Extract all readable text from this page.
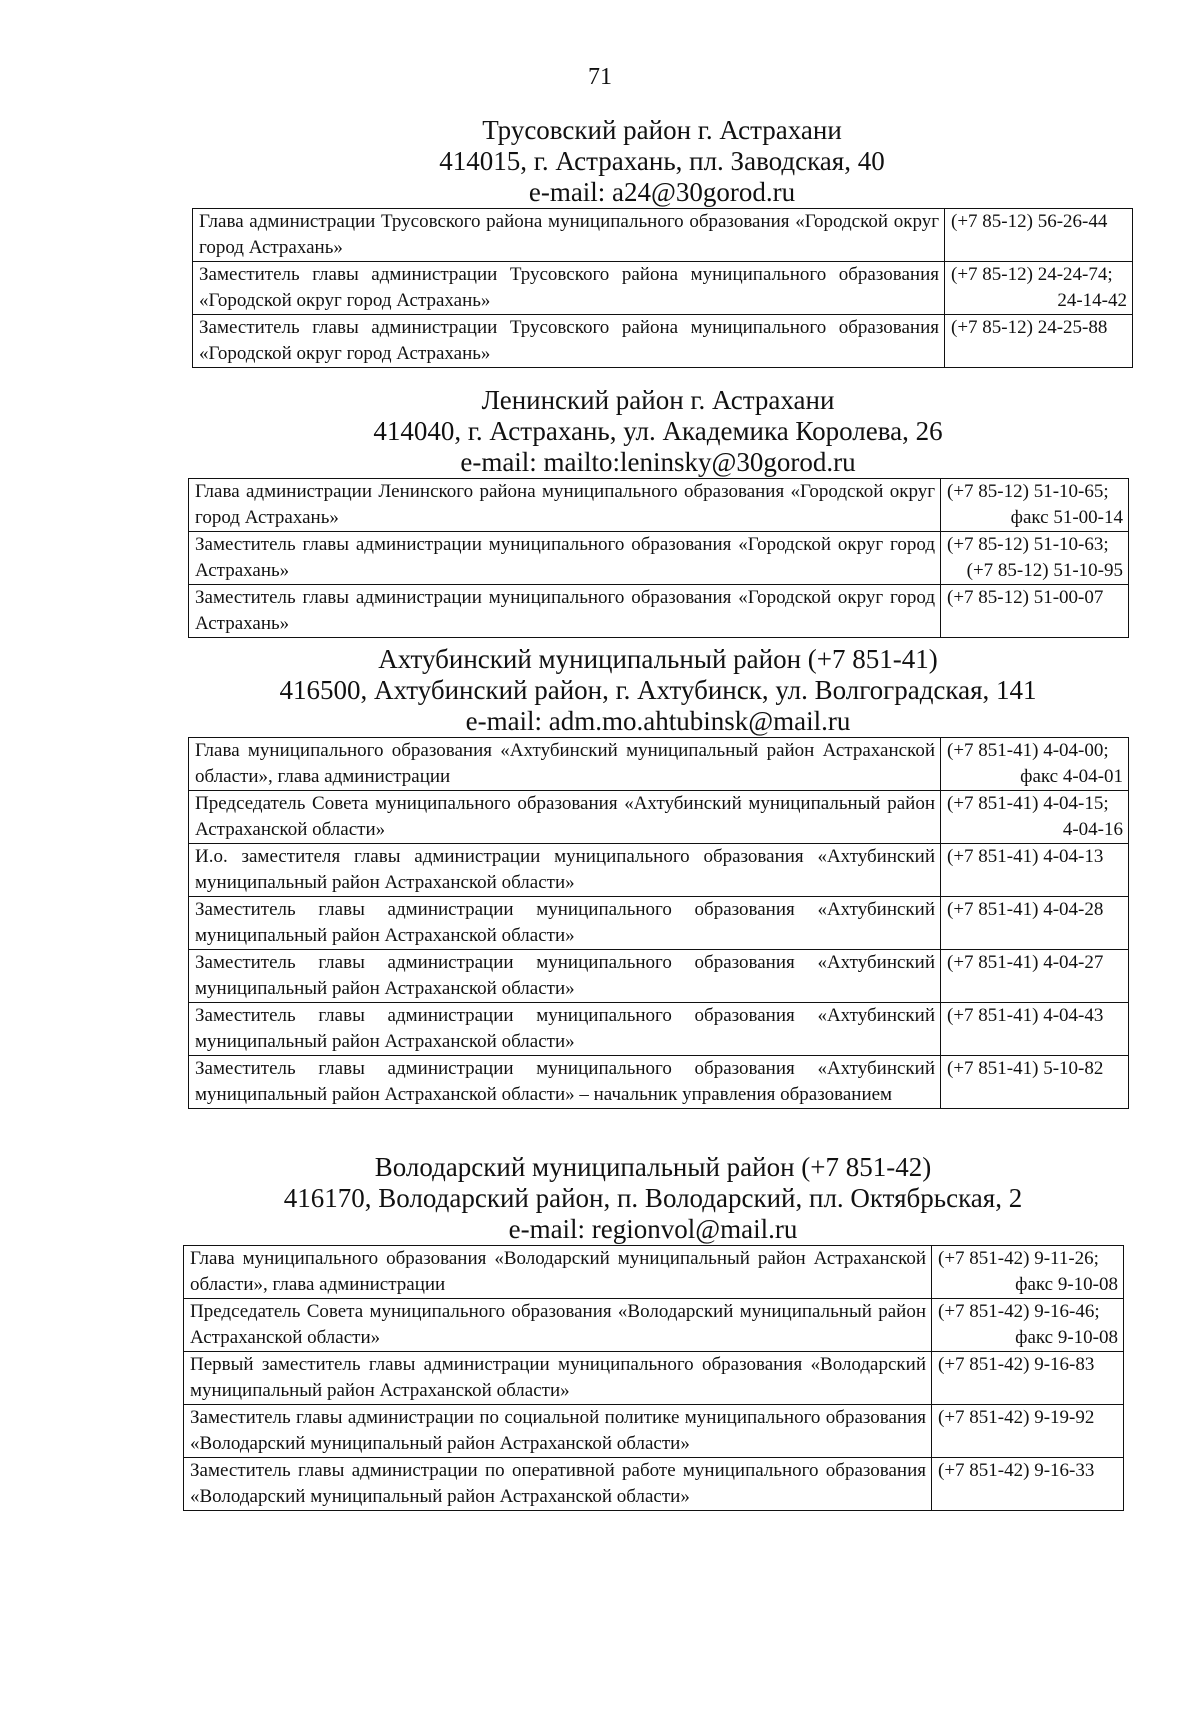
71
Трусовский район г. Астрахани
414015, г. Астрахань, пл. Заводская, 40
e-mail: a24@30gorod.ru
Глава администрации Трусовского района муниципального образования «Городской округ город Астрахань»	(+7 85-12) 56-26-44

Заместитель главы администрации Трусовского района муниципального образования «Городской округ город Астрахань»	(+7 85-12) 24-24-74;
24-14-42

Заместитель главы администрации Трусовского района муниципального образования «Городской округ город Астрахань»	(+7 85-12) 24-25-88
Ленинский район г. Астрахани
414040, г. Астрахань, ул. Академика Королева, 26
e-mail: mailto:leninsky@30gorod.ru
Глава администрации Ленинского района муниципального образования «Городской округ город Астрахань»	(+7 85-12) 51-10-65;
факс 51-00-14

Заместитель главы администрации муниципального образования «Городской округ город Астрахань»	(+7 85-12) 51-10-63;
(+7 85-12) 51-10-95

Заместитель главы администрации муниципального образования «Городской округ город Астрахань»	(+7 85-12) 51-00-07
Ахтубинский муниципальный район (+7 851-41)
416500, Ахтубинский район, г. Ахтубинск, ул. Волгоградская, 141
e-mail: adm.mo.ahtubinsk@mail.ru
Глава муниципального образования «Ахтубинский муниципальный район Астраханской области», глава администрации	(+7 851-41) 4-04-00;
факс 4-04-01

Председатель Совета муниципального образования «Ахтубинский муниципальный район Астраханской области»	(+7 851-41) 4-04-15;
4-04-16

И.о. заместителя главы администрации муниципального образования «Ахтубинский муниципальный район Астраханской области»	(+7 851-41) 4-04-13

Заместитель главы администрации муниципального образования «Ахтубинский муниципальный район Астраханской области»	(+7 851-41) 4-04-28

Заместитель главы администрации муниципального образования «Ахтубинский муниципальный район Астраханской области»	(+7 851-41) 4-04-27

Заместитель главы администрации муниципального образования «Ахтубинский муниципальный район Астраханской области»	(+7 851-41) 4-04-43

Заместитель главы администрации муниципального образования «Ахтубинский муниципальный район Астраханской области» – начальник управления образованием	(+7 851-41) 5-10-82
Володарский муниципальный район (+7 851-42)
416170, Володарский район, п. Володарский, пл. Октябрьская, 2
e-mail: regionvol@mail.ru
Глава муниципального образования «Володарский муниципальный район Астраханской области», глава администрации	(+7 851-42) 9-11-26;
факс 9-10-08

Председатель Совета муниципального образования «Володарский муниципальный район Астраханской области»	(+7 851-42) 9-16-46;
факс 9-10-08

Первый заместитель главы администрации муниципального образования «Володарский муниципальный район Астраханской области»	(+7 851-42) 9-16-83

Заместитель главы администрации по социальной политике муниципального образования «Володарский муниципальный район Астраханской области»	(+7 851-42) 9-19-92

Заместитель главы администрации по оперативной работе муниципального образования «Володарский муниципальный район Астраханской области»	(+7 851-42) 9-16-33
